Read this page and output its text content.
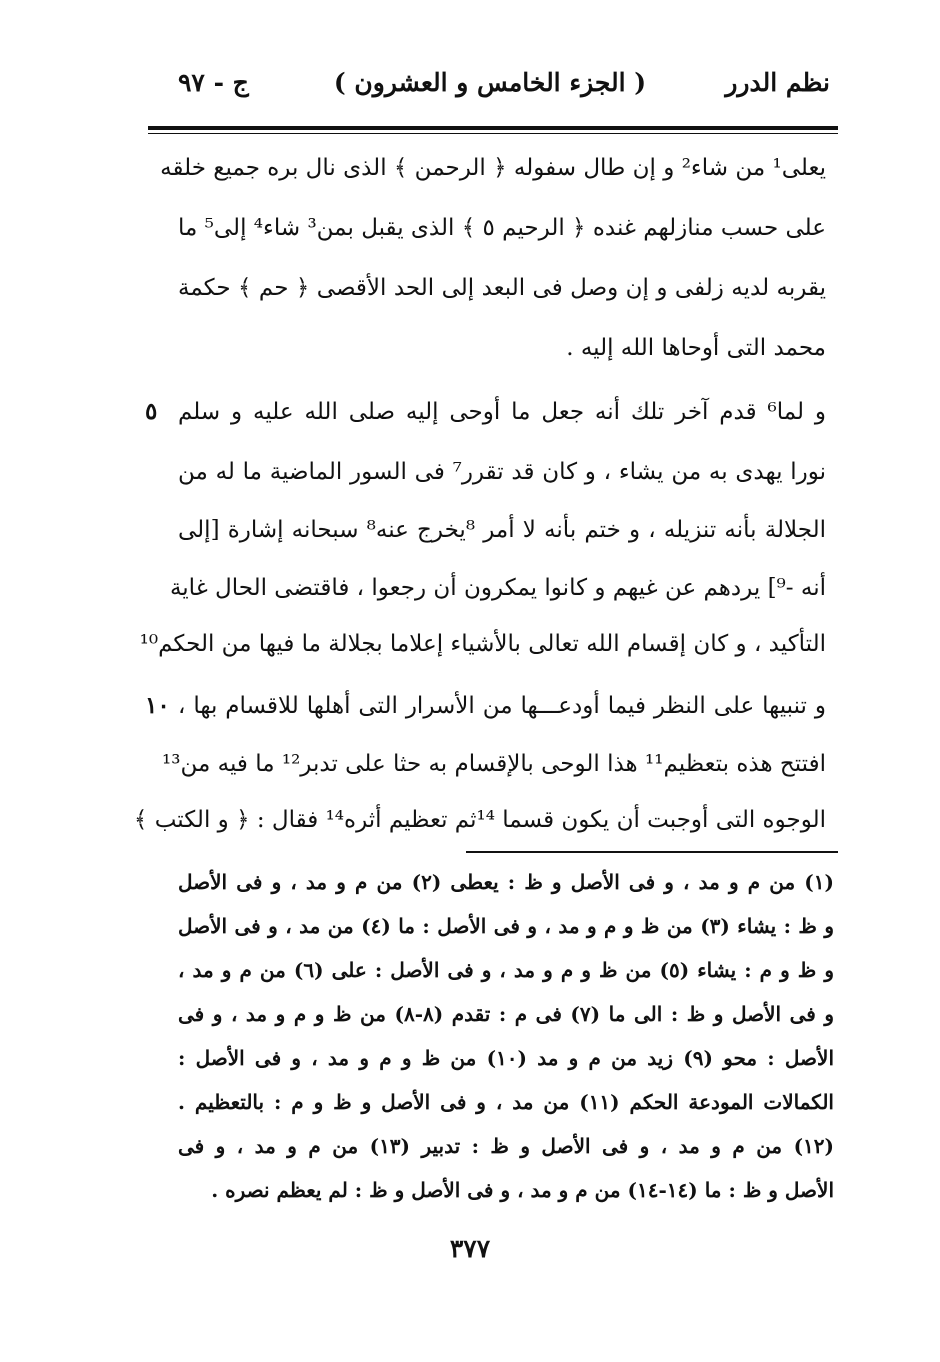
نظم الدرر
( الجزء الخامس و العشرون )
ج - ٩٧
يعلى¹ من شاء² و إن طال سفوله ﴿ الرحمن ﴾ الذى نال بره جميع خلقه
على حسب منازلهم غنده ﴿ الرحيم ٥ ﴾ الذى يقبل بمن³ شاء⁴ إلى⁵ ما
يقربه لديه زلفى و إن وصل فى البعد إلى الحد الأقصى ﴿ حم ﴾ حكمة
محمد التى أوحاها الله إليه .
و لما⁶ قدم آخر تلك أنه جعل ما أوحى إليه صلى الله عليه و سلم
نورا يهدى به من يشاء ، و كان قد تقرر⁷ فى السور الماضية ما له من
الجلالة بأنه تنزيله ، و ختم بأنه لا أمر ⁸يخرج عنه⁸ سبحانه إشارة [إلى
أنه -⁹] يردهم عن غيهم و كانوا يمكرون أن رجعوا ، فاقتضى الحال غاية
التأكيد ، و كان إقسام الله تعالى بالأشياء إعلاما بجلالة ما فيها من الحكم¹⁰
و تنبيها على النظر فيما أودعـــها من الأسرار التى أهلها للاقسام بها ،
افتتح هذه بتعظيم¹¹ هذا الوحى بالإقسام به حثا على تدبر¹² ما فيه من¹³
الوجوه التى أوجبت أن يكون قسما ¹⁴ثم تعظيم أثره¹⁴ فقال : ﴿ و الكتب ﴾
٥
١٠
(١) من م و مد ، و فى الأصل و ظ : يعطى (٢) من م و مد ، و فى الأصل
و ظ : يشاء (٣) من ظ و م و مد ، و فى الأصل : ما (٤) من مد ، و فى الأصل
و ظ و م : يشاء (٥) من ظ و م و مد ، و فى الأصل : على (٦) من م و مد ،
و فى الأصل و ظ : الى ما (٧) فى م : تقدم (٨-٨) من ظ و م و مد ، و فى
الأصل : محو (٩) زيد من م و مد (١٠) من ظ و م و مد ، و فى الأصل :
الكمالات المودعة الحكم (١١) من مد ، و فى الأصل و ظ و م : بالتعظيم .
(١٢) من م و مد ، و فى الأصل و ظ : تدبير (١٣) من م و مد ، و فى
الأصل و ظ : ما (١٤-١٤) من م و مد ، و فى الأصل و ظ : لم يعظم نصره .
٣٧٧
